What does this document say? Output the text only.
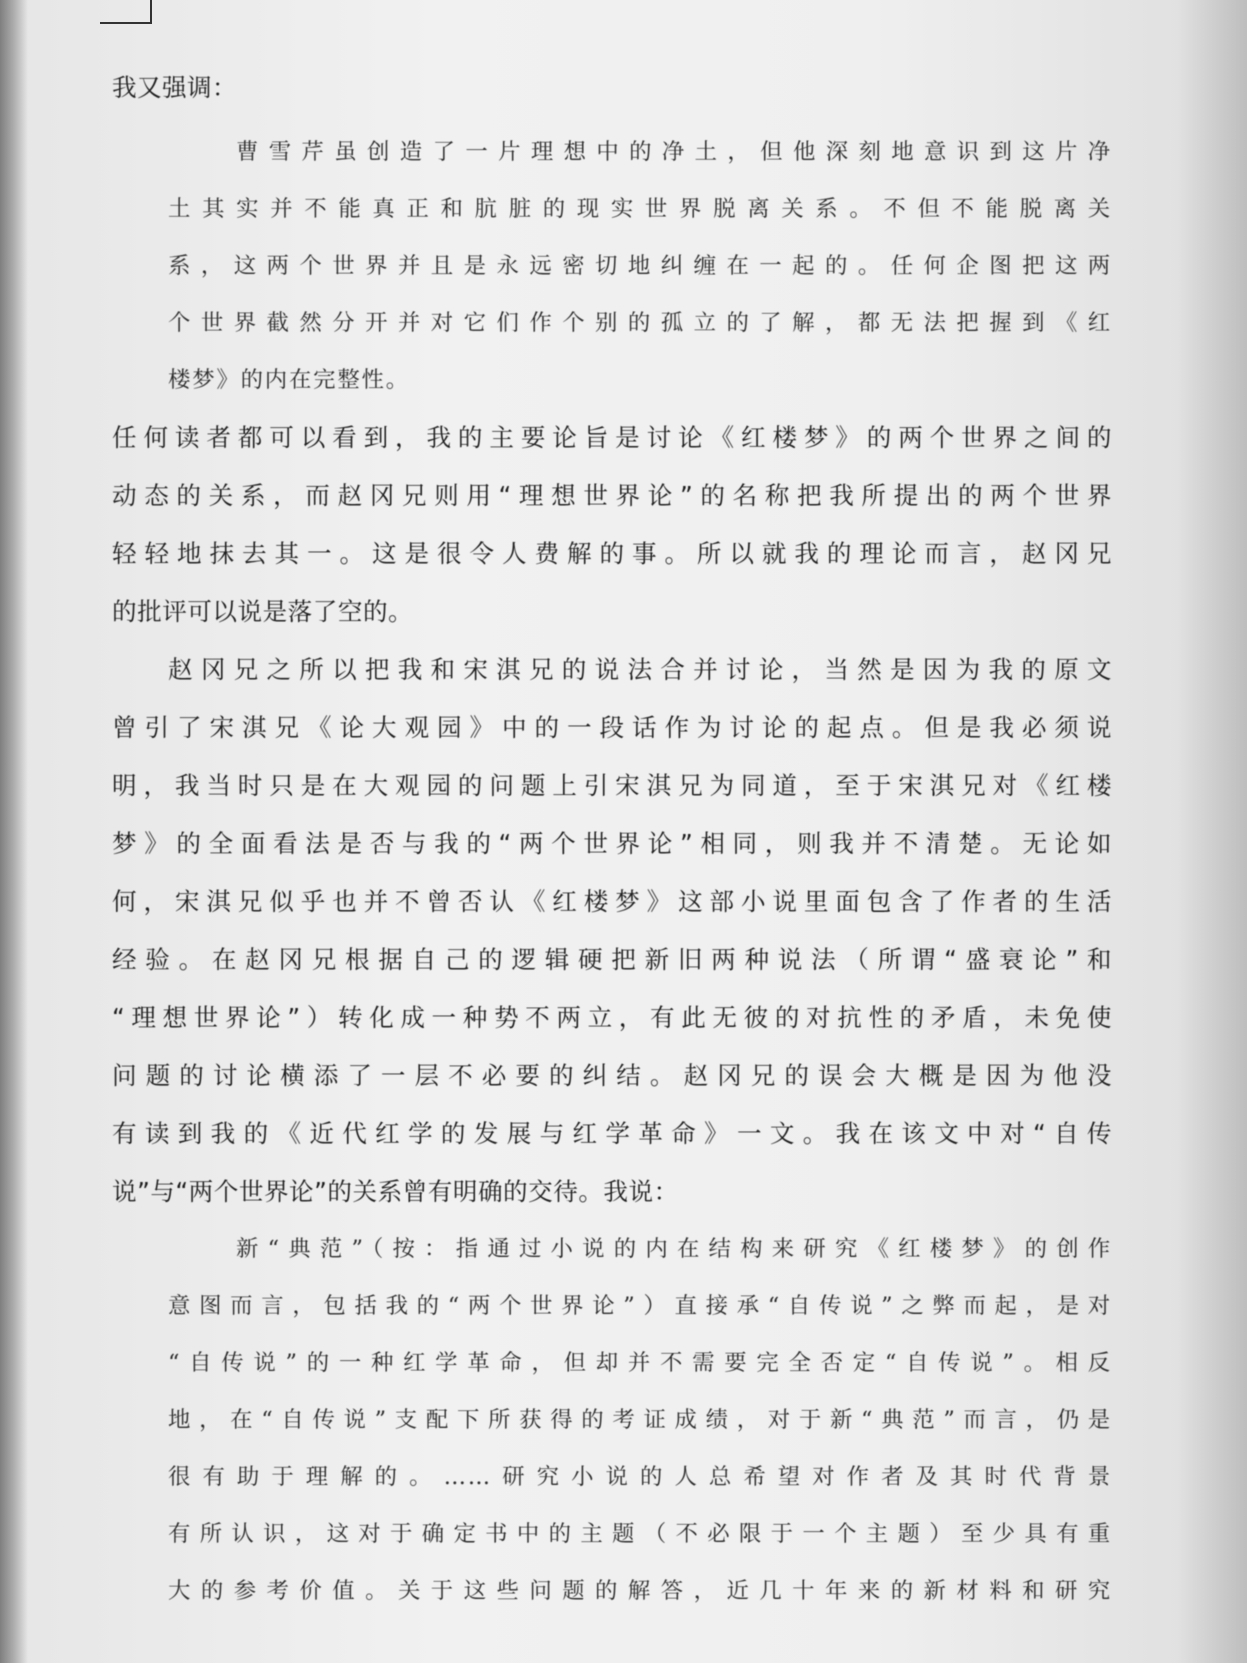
我又强调：
曹雪芹虽创造了一片理想中的净土，但他深刻地意识到这片净
土其实并不能真正和肮脏的现实世界脱离关系。不但不能脱离关
系，这两个世界并且是永远密切地纠缠在一起的。任何企图把这两
个世界截然分开并对它们作个别的孤立的了解，都无法把握到《红
楼梦》的内在完整性。
任何读者都可以看到，我的主要论旨是讨论《红楼梦》的两个世界之间的
动态的关系，而赵冈兄则用“理想世界论”的名称把我所提出的两个世界
轻轻地抹去其一。这是很令人费解的事。所以就我的理论而言，赵冈兄
的批评可以说是落了空的。
赵冈兄之所以把我和宋淇兄的说法合并讨论，当然是因为我的原文
曾引了宋淇兄《论大观园》中的一段话作为讨论的起点。但是我必须说
明，我当时只是在大观园的问题上引宋淇兄为同道，至于宋淇兄对《红楼
梦》的全面看法是否与我的“两个世界论”相同，则我并不清楚。无论如
何，宋淇兄似乎也并不曾否认《红楼梦》这部小说里面包含了作者的生活
经验。在赵冈兄根据自己的逻辑硬把新旧两种说法（所谓“盛衰论”和
“理想世界论”）转化成一种势不两立，有此无彼的对抗性的矛盾，未免使
问题的讨论横添了一层不必要的纠结。赵冈兄的误会大概是因为他没
有读到我的《近代红学的发展与红学革命》一文。我在该文中对“自传
说”与“两个世界论”的关系曾有明确的交待。我说：
新“典范”（按：指通过小说的内在结构来研究《红楼梦》的创作
意图而言，包括我的“两个世界论”）直接承“自传说”之弊而起，是对
“自传说”的一种红学革命，但却并不需要完全否定“自传说”。相反
地，在“自传说”支配下所获得的考证成绩，对于新“典范”而言，仍是
很有助于理解的。……研究小说的人总希望对作者及其时代背景
有所认识，这对于确定书中的主题（不必限于一个主题）至少具有重
大的参考价值。关于这些问题的解答，近几十年来的新材料和研究
